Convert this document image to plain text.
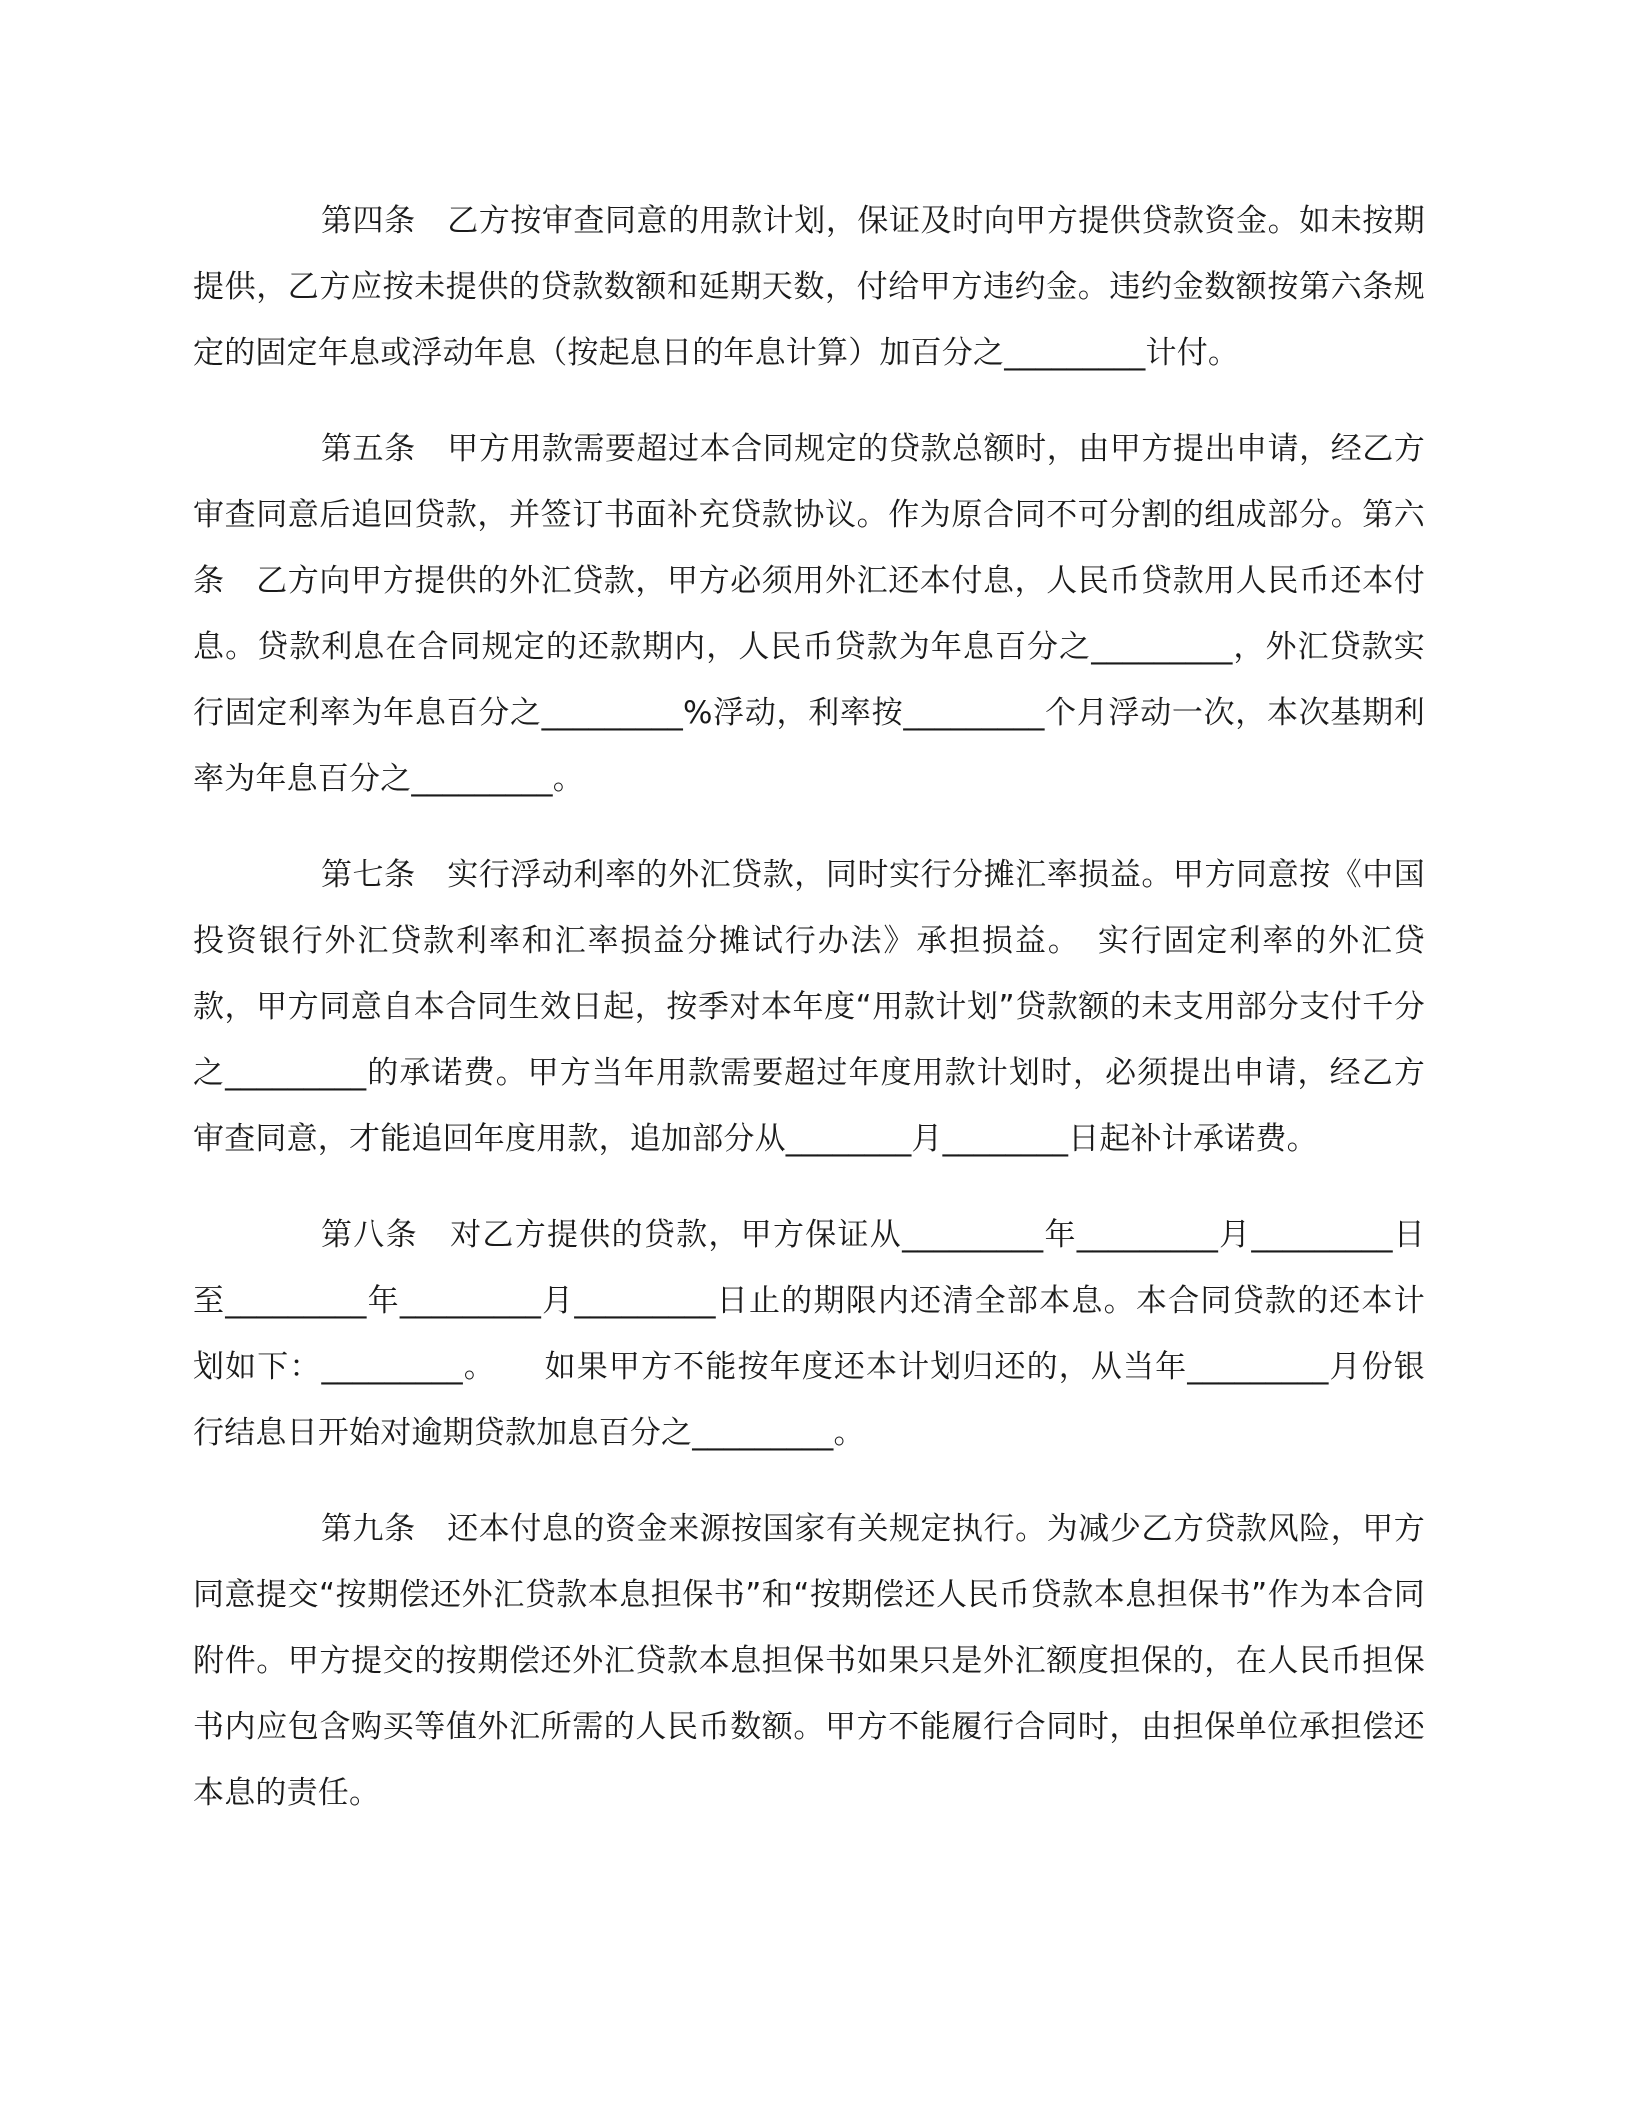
第四条　乙方按审查同意的用款计划，保证及时向甲方提供贷款资金。如未按期提供，乙方应按未提供的贷款数额和延期天数，付给甲方违约金。违约金数额按第六条规定的固定年息或浮动年息（按起息日的年息计算）加百分之_________计付。

第五条　甲方用款需要超过本合同规定的贷款总额时，由甲方提出申请，经乙方审查同意后追回贷款，并签订书面补充贷款协议。作为原合同不可分割的组成部分。第六条　乙方向甲方提供的外汇贷款，甲方必须用外汇还本付息，人民币贷款用人民币还本付息。贷款利息在合同规定的还款期内，人民币贷款为年息百分之_________，外汇贷款实行固定利率为年息百分之_________%浮动，利率按_________个月浮动一次，本次基期利率为年息百分之_________。

第七条　实行浮动利率的外汇贷款，同时实行分摊汇率损益。甲方同意按《中国投资银行外汇贷款利率和汇率损益分摊试行办法》承担损益。　实行固定利率的外汇贷款，甲方同意自本合同生效日起，按季对本年度“用款计划”贷款额的未支用部分支付千分之_________的承诺费。甲方当年用款需要超过年度用款计划时，必须提出申请，经乙方审查同意，才能追回年度用款，追加部分从________月________日起补计承诺费。

第八条　对乙方提供的贷款，甲方保证从_________年_________月_________日至_________年_________月_________日止的期限内还清全部本息。本合同贷款的还本计划如下：_________。　　如果甲方不能按年度还本计划归还的，从当年_________月份银行结息日开始对逾期贷款加息百分之_________。

第九条　还本付息的资金来源按国家有关规定执行。为减少乙方贷款风险，甲方同意提交“按期偿还外汇贷款本息担保书”和“按期偿还人民币贷款本息担保书”作为本合同附件。甲方提交的按期偿还外汇贷款本息担保书如果只是外汇额度担保的，在人民币担保书内应包含购买等值外汇所需的人民币数额。甲方不能履行合同时，由担保单位承担偿还本息的责任。
